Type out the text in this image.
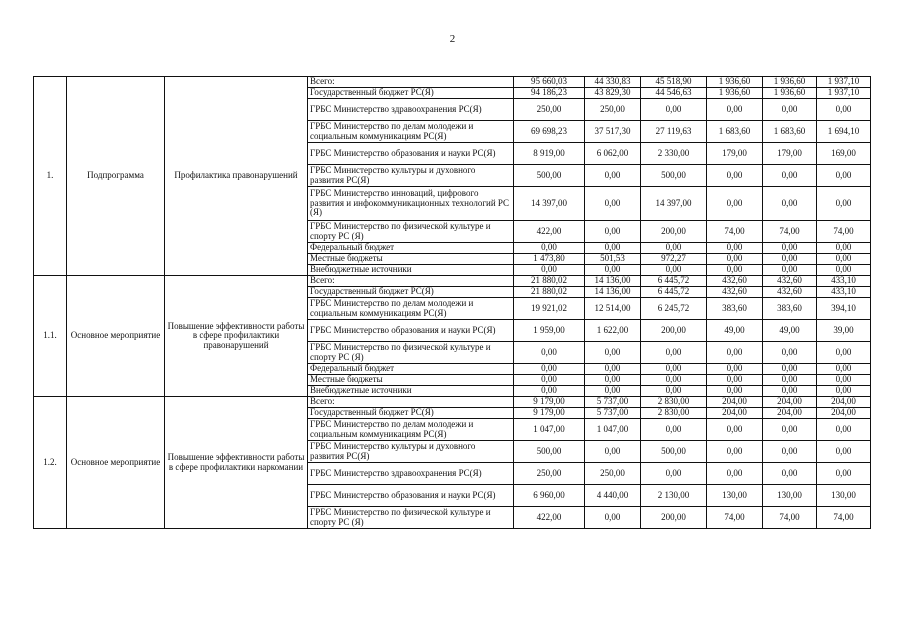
2
1.	Подпрограмма	Профилактика правонарушений	Всего:	95 660,03	44 330,83	45 518,90	1 936,60	1 936,60	1 937,10
			Государственный бюджет РС(Я)	94 186,23	43 829,30	44 546,63	1 936,60	1 936,60	1 937,10
			ГРБС Министерство здравоохранения РС(Я)	250,00	250,00	0,00	0,00	0,00	0,00
			ГРБС Министерство по делам молодежи и социальным коммуникациям РС(Я)	69 698,23	37 517,30	27 119,63	1 683,60	1 683,60	1 694,10
			ГРБС Министерство образования и науки РС(Я)	8 919,00	6 062,00	2 330,00	179,00	179,00	169,00
			ГРБС Министерство культуры и духовного развития РС(Я)	500,00	0,00	500,00	0,00	0,00	0,00
			ГРБС Министерство инноваций, цифрового развития и инфокоммуникационных технологий РС (Я)	14 397,00	0,00	14 397,00	0,00	0,00	0,00
			ГРБС Министерство по физической культуре и спорту РС (Я)	422,00	0,00	200,00	74,00	74,00	74,00
			Федеральный бюджет	0,00	0,00	0,00	0,00	0,00	0,00
			Местные бюджеты	1 473,80	501,53	972,27	0,00	0,00	0,00
			Внебюджетные источники	0,00	0,00	0,00	0,00	0,00	0,00
1.1.	Основное мероприятие	Повышение эффективности работы в сфере профилактики правонарушений	Всего:	21 880,02	14 136,00	6 445,72	432,60	432,60	433,10
			Государственный бюджет РС(Я)	21 880,02	14 136,00	6 445,72	432,60	432,60	433,10
			ГРБС Министерство по делам молодежи и социальным коммуникациям РС(Я)	19 921,02	12 514,00	6 245,72	383,60	383,60	394,10
			ГРБС Министерство образования и науки РС(Я)	1 959,00	1 622,00	200,00	49,00	49,00	39,00
			ГРБС Министерство по физической культуре и спорту РС (Я)	0,00	0,00	0,00	0,00	0,00	0,00
			Федеральный бюджет	0,00	0,00	0,00	0,00	0,00	0,00
			Местные бюджеты	0,00	0,00	0,00	0,00	0,00	0,00
			Внебюджетные источники	0,00	0,00	0,00	0,00	0,00	0,00
1.2.	Основное мероприятие	Повышение эффективности работы в сфере профилактики наркомании	Всего:	9 179,00	5 737,00	2 830,00	204,00	204,00	204,00
			Государственный бюджет РС(Я)	9 179,00	5 737,00	2 830,00	204,00	204,00	204,00
			ГРБС Министерство по делам молодежи и социальным коммуникациям РС(Я)	1 047,00	1 047,00	0,00	0,00	0,00	0,00
			ГРБС Министерство культуры и духовного развития РС(Я)	500,00	0,00	500,00	0,00	0,00	0,00
			ГРБС Министерство здравоохранения РС(Я)	250,00	250,00	0,00	0,00	0,00	0,00
			ГРБС Министерство образования и науки РС(Я)	6 960,00	4 440,00	2 130,00	130,00	130,00	130,00
			ГРБС Министерство по физической культуре и спорту РС (Я)	422,00	0,00	200,00	74,00	74,00	74,00
